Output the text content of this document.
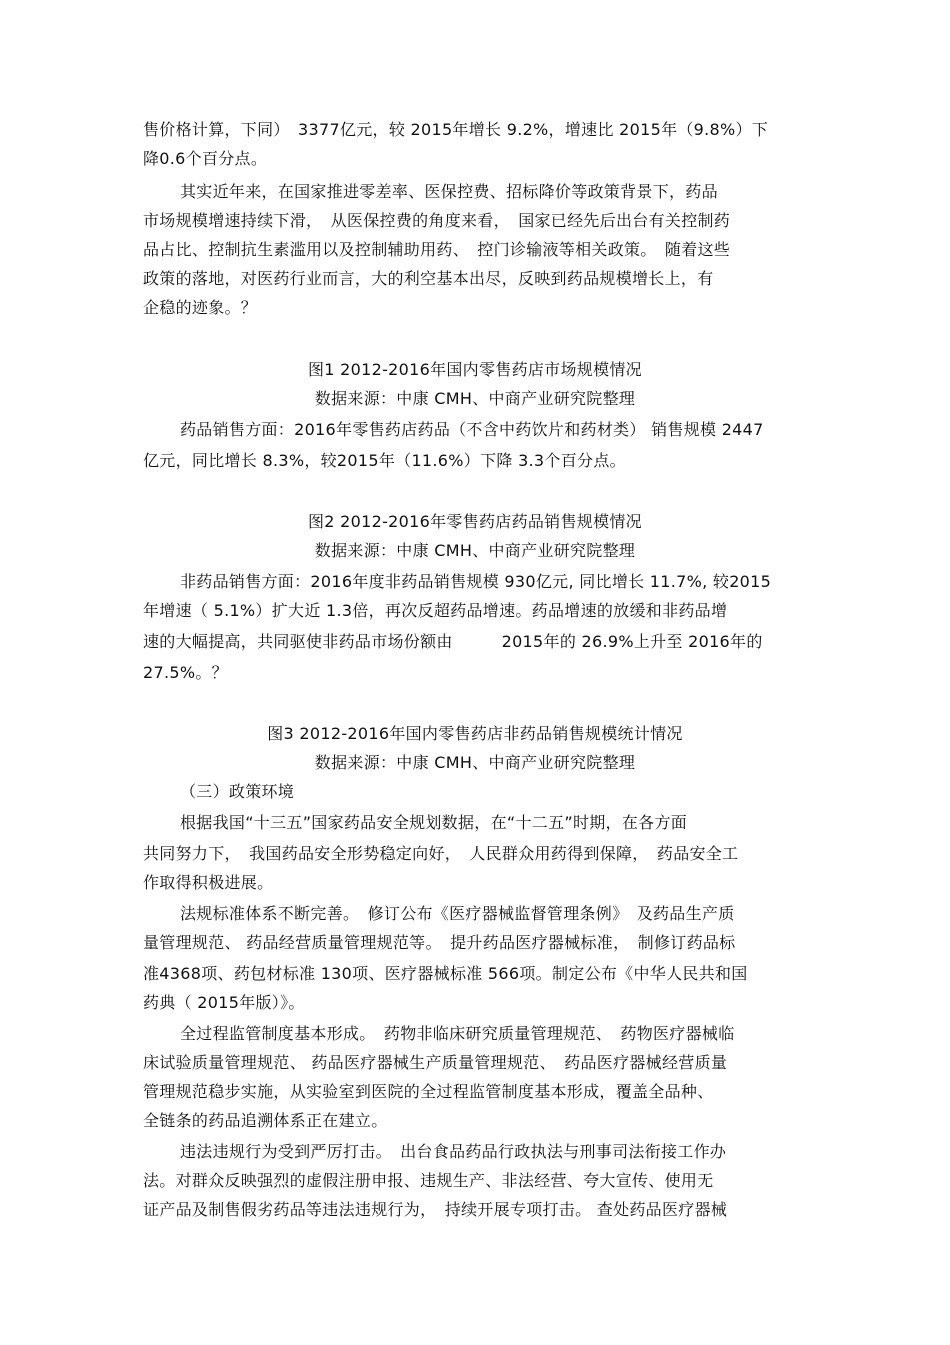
售价格计算，下同）　3377亿元，较 2015年增长 9.2%，增速比 2015年（9.8%）下
降0.6个百分点。
其实近年来，在国家推进零差率、医保控费、招标降价等政策背景下，药品
市场规模增速持续下滑，　从医保控费的角度来看，　国家已经先后出台有关控制药
品占比、控制抗生素滥用以及控制辅助用药、　控门诊输液等相关政策。　随着这些
政策的落地，对医药行业而言，大的利空基本出尽，反映到药品规模增长上，有
企稳的迹象。？
图1 2012-2016年国内零售药店市场规模情况
数据来源：中康 CMH、中商产业研究院整理
药品销售方面：2016年零售药店药品（不含中药饮片和药材类） 销售规模 2447
亿元，同比增长 8.3%，较2015年（11.6%）下降 3.3个百分点。
图2 2012-2016年零售药店药品销售规模情况
数据来源：中康 CMH、中商产业研究院整理
非药品销售方面：2016年度非药品销售规模 930亿元, 同比增长 11.7%, 较2015
年增速（ 5.1%）扩大近 1.3倍，再次反超药品增速。药品增速的放缓和非药品增
速的大幅提高，共同驱使非药品市场份额由　　　2015年的 26.9%上升至 2016年的
27.5%。？
图3 2012-2016年国内零售药店非药品销售规模统计情况
数据来源：中康 CMH、中商产业研究院整理
（三）政策环境
根据我国“十三五”国家药品安全规划数据，在“十二五”时期，在各方面
共同努力下，　我国药品安全形势稳定向好，　人民群众用药得到保障，　药品安全工
作取得积极进展。
法规标准体系不断完善。　修订公布《医疗器械监督管理条例》　及药品生产质
量管理规范、 药品经营质量管理规范等。　提升药品医疗器械标准，　制修订药品标
准4368项、药包材标准 130项、医疗器械标准 566项。制定公布《中华人民共和国
药典（ 2015年版）》。
全过程监管制度基本形成。　药物非临床研究质量管理规范、　药物医疗器械临
床试验质量管理规范、 药品医疗器械生产质量管理规范、　药品医疗器械经营质量
管理规范稳步实施，从实验室到医院的全过程监管制度基本形成，覆盖全品种、
全链条的药品追溯体系正在建立。
违法违规行为受到严厉打击。　出台食品药品行政执法与刑事司法衔接工作办
法。对群众反映强烈的虚假注册申报、违规生产、非法经营、夸大宣传、使用无
证产品及制售假劣药品等违法违规行为，　持续开展专项打击。 查处药品医疗器械
